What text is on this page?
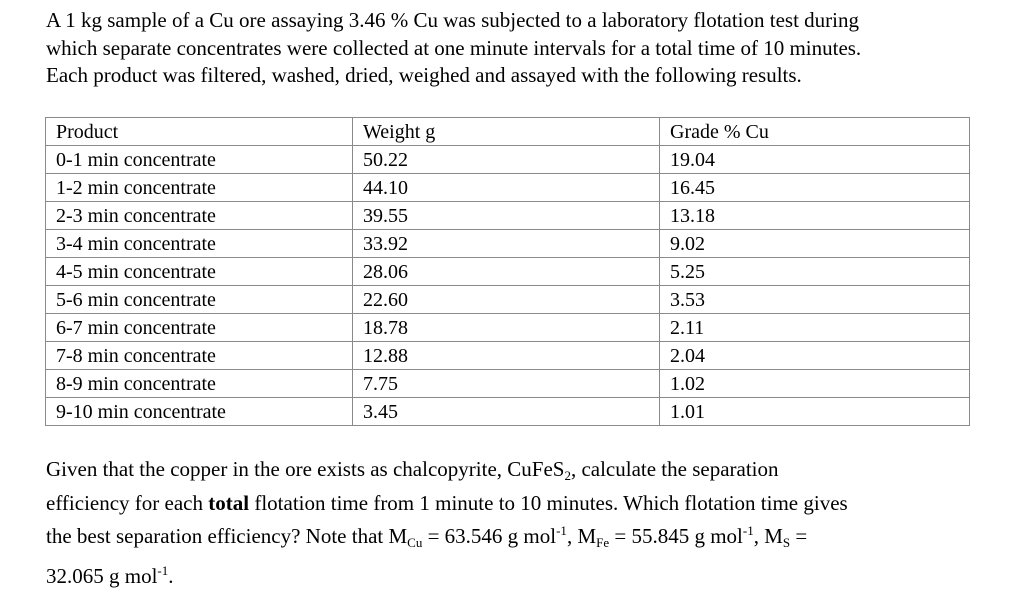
A 1 kg sample of a Cu ore assaying 3.46 % Cu was subjected to a laboratory flotation test during
which separate concentrates were collected at one minute intervals for a total time of 10 minutes.
Each product was filtered, washed, dried, weighed and assayed with the following results.
Product	Weight g	Grade % Cu
0-1 min concentrate	50.22	19.04
1-2 min concentrate	44.10	16.45
2-3 min concentrate	39.55	13.18
3-4 min concentrate	33.92	9.02
4-5 min concentrate	28.06	5.25
5-6 min concentrate	22.60	3.53
6-7 min concentrate	18.78	2.11
7-8 min concentrate	12.88	2.04
8-9 min concentrate	7.75	1.02
9-10 min concentrate	3.45	1.01
Given that the copper in the ore exists as chalcopyrite, CuFeS$_2$, calculate the separation
efficiency for each total flotation time from 1 minute to 10 minutes. Which flotation time gives
the best separation efficiency? Note that $M_{Cu} = 63.546$ g mol$^{-1}$, $M_{Fe} = 55.845$ g mol$^{-1}$, $M_S$ =
32.065 g mol$^{-1}$.
